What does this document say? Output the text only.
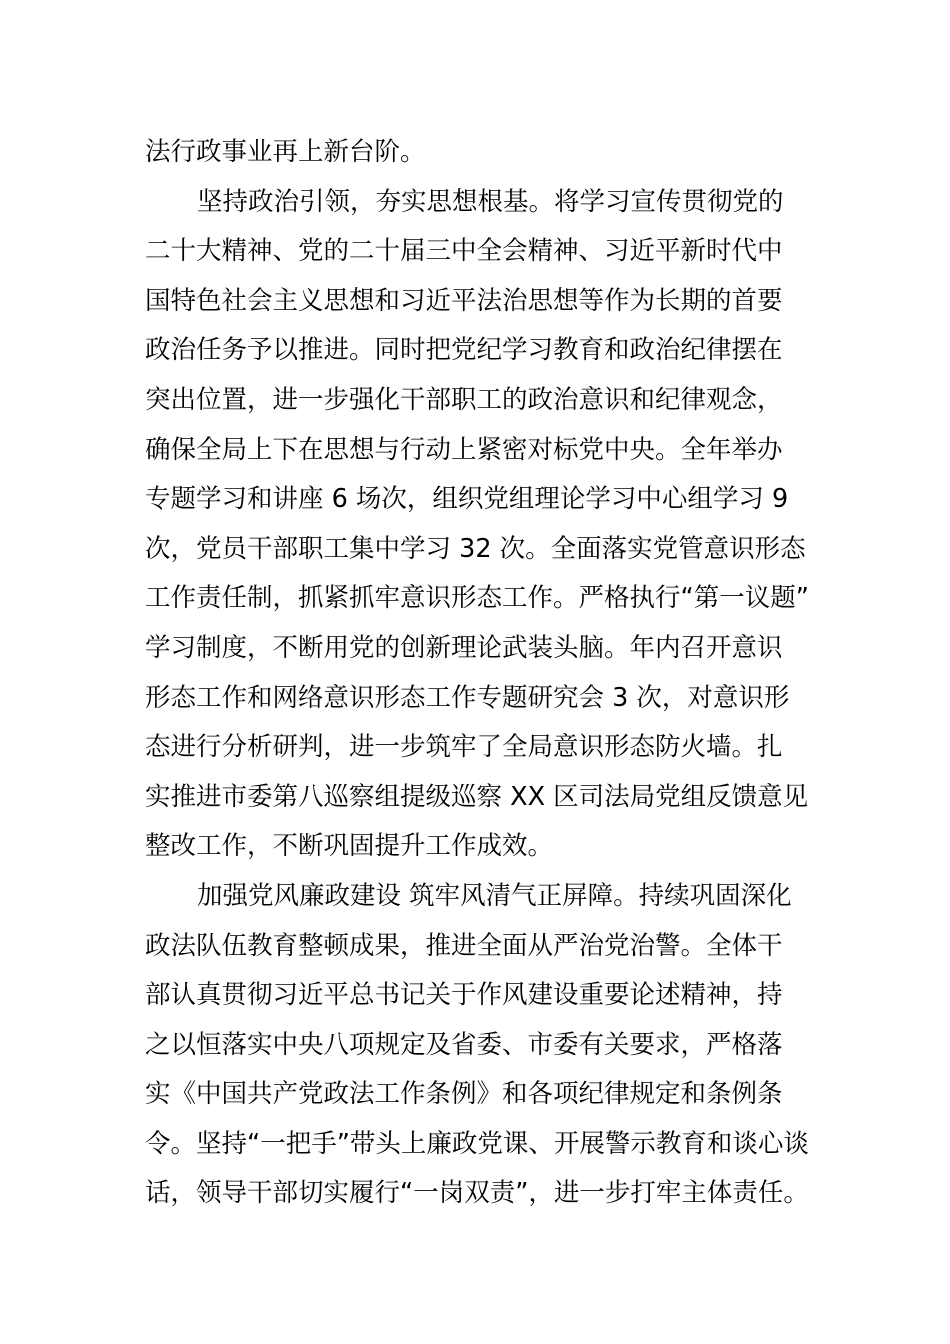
法行政事业再上新台阶。

坚持政治引领，夯实思想根基。将学习宣传贯彻党的
二十大精神、党的二十届三中全会精神、习近平新时代中
国特色社会主义思想和习近平法治思想等作为长期的首要
政治任务予以推进。同时把党纪学习教育和政治纪律摆在
突出位置，进一步强化干部职工的政治意识和纪律观念，
确保全局上下在思想与行动上紧密对标党中央。全年举办
专题学习和讲座 6 场次，组织党组理论学习中心组学习 9
次，党员干部职工集中学习 32 次。全面落实党管意识形态
工作责任制，抓紧抓牢意识形态工作。严格执行“第一议题”
学习制度，不断用党的创新理论武装头脑。年内召开意识
形态工作和网络意识形态工作专题研究会 3 次，对意识形
态进行分析研判，进一步筑牢了全局意识形态防火墙。扎
实推进市委第八巡察组提级巡察 XX 区司法局党组反馈意见
整改工作，不断巩固提升工作成效。

加强党风廉政建设 筑牢风清气正屏障。持续巩固深化
政法队伍教育整顿成果，推进全面从严治党治警。全体干
部认真贯彻习近平总书记关于作风建设重要论述精神，持
之以恒落实中央八项规定及省委、市委有关要求，严格落
实《中国共产党政法工作条例》和各项纪律规定和条例条
令。坚持“一把手”带头上廉政党课、开展警示教育和谈心谈
话，领导干部切实履行“一岗双责”，进一步打牢主体责任。
